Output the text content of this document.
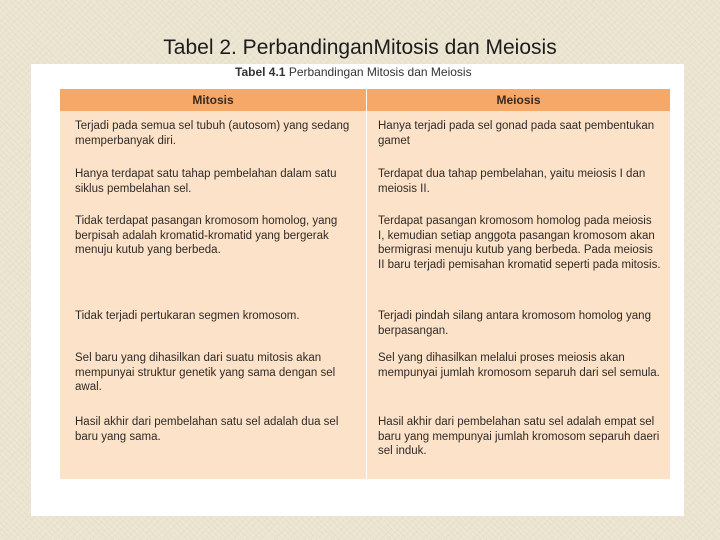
Tabel 2. PerbandinganMitosis dan Meiosis
Tabel 4.1 Perbandingan Mitosis dan Meiosis
Mitosis	Meiosis
Terjadi pada semua sel tubuh (autosom) yang sedang memperbanyak diri.
Hanya terjadi pada sel gonad pada saat pembentukan gamet
Hanya terdapat satu tahap pembelahan dalam satu siklus pembelahan sel.
Terdapat dua tahap pembelahan, yaitu meiosis I dan meiosis II.
Tidak terdapat pasangan kromosom homolog, yang berpisah adalah kromatid-kromatid yang bergerak menuju kutub yang berbeda.
Terdapat pasangan kromosom homolog pada meiosis I, kemudian setiap anggota pasangan kromosom akan bermigrasi menuju kutub yang berbeda. Pada meiosis II baru terjadi pemisahan kromatid seperti pada mitosis.
Tidak terjadi pertukaran segmen kromosom.	Terjadi pindah silang antara kromosom homolog yang berpasangan.
Sel baru yang dihasilkan dari suatu mitosis akan mempunyai struktur genetik yang sama dengan sel awal.
Sel yang dihasilkan melalui proses meiosis akan mempunyai jumlah kromosom separuh dari sel semula.
Hasil akhir dari pembelahan satu sel adalah dua sel baru yang sama.
Hasil akhir dari pembelahan satu sel adalah empat sel baru yang mempunyai jumlah kromosom separuh daeri sel induk.
